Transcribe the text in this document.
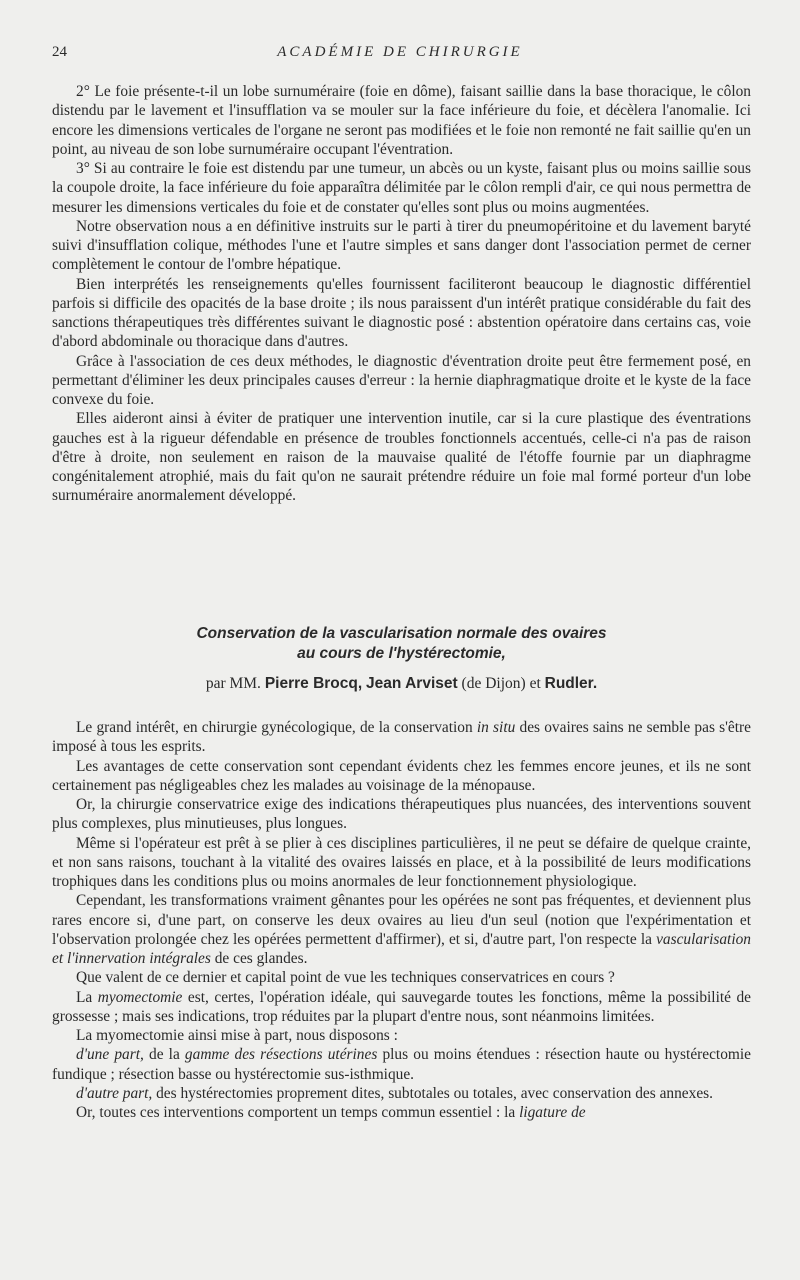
24	ACADÉMIE DE CHIRURGIE

2° Le foie présente-t-il un lobe surnuméraire (foie en dôme), faisant saillie dans la base thoracique, le côlon distendu par le lavement et l'insufflation va se mouler sur la face inférieure du foie, et décèlera l'anomalie. Ici encore les dimensions verticales de l'organe ne seront pas modifiées et le foie non remonté ne fait saillie qu'en un point, au niveau de son lobe surnuméraire occupant l'éventration.

3° Si au contraire le foie est distendu par une tumeur, un abcès ou un kyste, faisant plus ou moins saillie sous la coupole droite, la face inférieure du foie apparaîtra délimitée par le côlon rempli d'air, ce qui nous permettra de mesurer les dimensions verticales du foie et de constater qu'elles sont plus ou moins augmentées.

Notre observation nous a en définitive instruits sur le parti à tirer du pneumopéritoine et du lavement baryté suivi d'insufflation colique, méthodes l'une et l'autre simples et sans danger dont l'association permet de cerner complètement le contour de l'ombre hépatique.

Bien interprétés les renseignements qu'elles fournissent faciliteront beaucoup le diagnostic différentiel parfois si difficile des opacités de la base droite ; ils nous paraissent d'un intérêt pratique considérable du fait des sanctions thérapeutiques très différentes suivant le diagnostic posé : abstention opératoire dans certains cas, voie d'abord abdominale ou thoracique dans d'autres.

Grâce à l'association de ces deux méthodes, le diagnostic d'éventration droite peut être fermement posé, en permettant d'éliminer les deux principales causes d'erreur : la hernie diaphragmatique droite et le kyste de la face convexe du foie.

Elles aideront ainsi à éviter de pratiquer une intervention inutile, car si la cure plastique des éventrations gauches est à la rigueur défendable en présence de troubles fonctionnels accentués, celle-ci n'a pas de raison d'être à droite, non seulement en raison de la mauvaise qualité de l'étoffe fournie par un diaphragme congénitalement atrophié, mais du fait qu'on ne saurait prétendre réduire un foie mal formé porteur d'un lobe surnuméraire anormalement développé.

Conservation de la vascularisation normale des ovaires
au cours de l'hystérectomie,
par MM. Pierre Brocq, Jean Arviset (de Dijon) et Rudler.

Le grand intérêt, en chirurgie gynécologique, de la conservation in situ des ovaires sains ne semble pas s'être imposé à tous les esprits.

Les avantages de cette conservation sont cependant évidents chez les femmes encore jeunes, et ils ne sont certainement pas négligeables chez les malades au voisinage de la ménopause.

Or, la chirurgie conservatrice exige des indications thérapeutiques plus nuancées, des interventions souvent plus complexes, plus minutieuses, plus longues.

Même si l'opérateur est prêt à se plier à ces disciplines particulières, il ne peut se défaire de quelque crainte, et non sans raisons, touchant à la vitalité des ovaires laissés en place, et à la possibilité de leurs modifications trophiques dans les conditions plus ou moins anormales de leur fonctionnement physiologique.

Cependant, les transformations vraiment gênantes pour les opérées ne sont pas fréquentes, et deviennent plus rares encore si, d'une part, on conserve les deux ovaires au lieu d'un seul (notion que l'expérimentation et l'observation prolongée chez les opérées permettent d'affirmer), et si, d'autre part, l'on respecte la vascularisation et l'innervation intégrales de ces glandes.

Que valent de ce dernier et capital point de vue les techniques conservatrices en cours ?

La myomectomie est, certes, l'opération idéale, qui sauvegarde toutes les fonctions, même la possibilité de grossesse ; mais ses indications, trop réduites par la plupart d'entre nous, sont néanmoins limitées.

La myomectomie ainsi mise à part, nous disposons :

d'une part, de la gamme des résections utérines plus ou moins étendues : résection haute ou hystérectomie fundique ; résection basse ou hystérectomie sus-isthmique.

d'autre part, des hystérectomies proprement dites, subtotales ou totales, avec conservation des annexes.

Or, toutes ces interventions comportent un temps commun essentiel : la ligature de
